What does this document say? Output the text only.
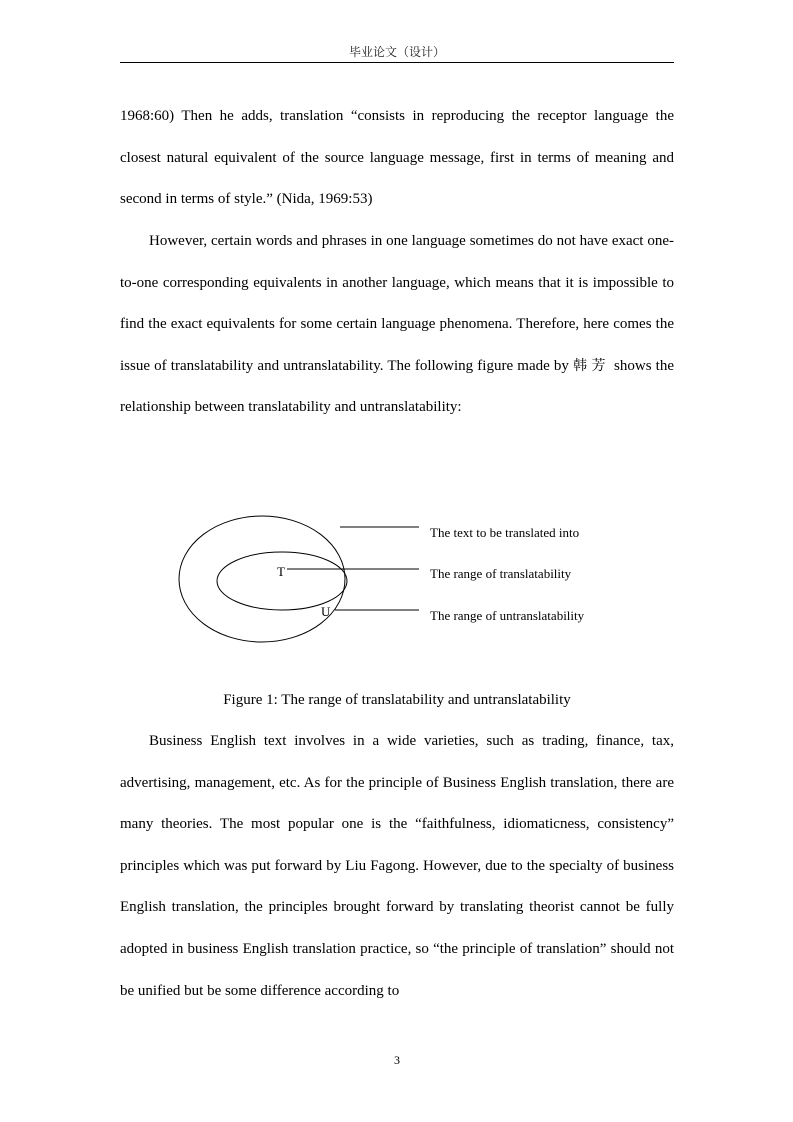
毕业论文（设计）

1968:60) Then he adds, translation “consists in reproducing the receptor language the closest natural equivalent of the source language message, first in terms of meaning and second in terms of style.” (Nida, 1969:53)

However, certain words and phrases in one language sometimes do not have exact one-to-one corresponding equivalents in another language, which means that it is impossible to find the exact equivalents for some certain language phenomena. Therefore, here comes the issue of translatability and untranslatability. The following figure made by 韩芳 shows the relationship between translatability and untranslatability:

T
U
The text to be translated into
The range of translatability
The range of untranslatability
Figure 1: The range of translatability and untranslatability

Business English text involves in a wide varieties, such as trading, finance, tax, advertising, management, etc. As for the principle of Business English translation, there are many theories. The most popular one is the “faithfulness, idiomaticness, consistency” principles which was put forward by Liu Fagong. However, due to the specialty of business English translation, the principles brought forward by translating theorist cannot be fully adopted in business English translation practice, so “the principle of translation” should not be unified but be some difference according to

3
